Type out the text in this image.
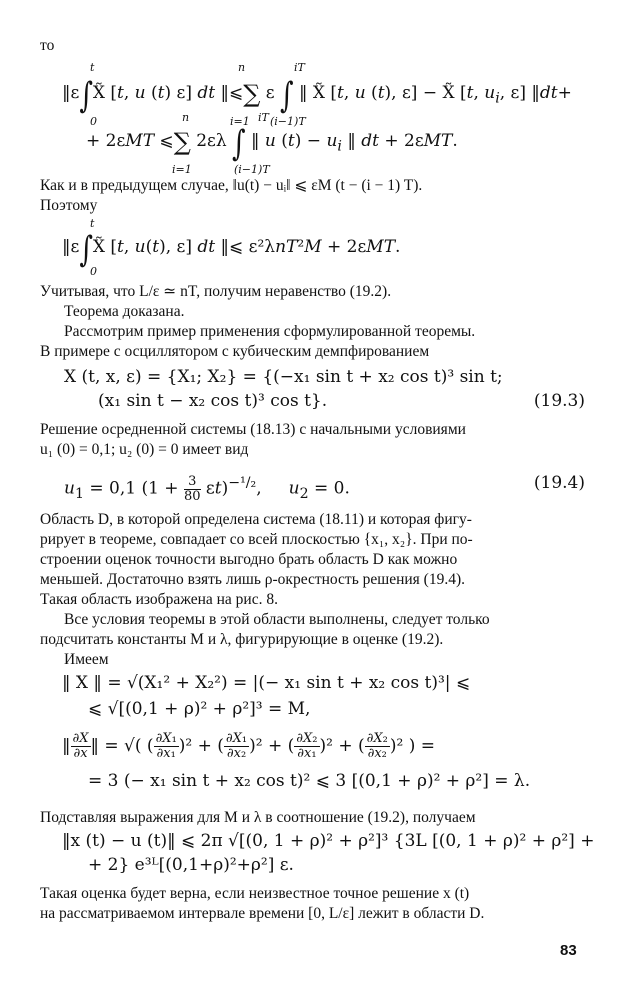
то
‖ε∫X̃ [t, u (t) ε] dt ‖⩽∑ ε ∫ ‖ X̃ [t, u (t), ε] − X̃ [t, $u_i$, ε] ‖dt+
t
0
n
i=1
iT
(i−1)T
+ 2εMT ⩽∑ 2ελ ∫ ‖ u $(t) - u_i$ ‖ dt + 2εMT.
n
i=1
iT
(i−1)T
Как и в предыдущем случае, ‖u(t) − uᵢ‖ ⩽ εM (t − (i − 1) T).
Поэтому
‖ε∫X̃ [t, u(t), ε] dt ‖⩽ ε²λnT²M + 2εMT.
t
0
Учитывая, что L/ε ≃ nT, получим неравенство (19.2).
Теорема доказана.
Рассмотрим пример применения сформулированной теоремы.
В примере с осциллятором с кубическим демпфированием
X (t, x, ε) = {X₁; X₂} = {(−x₁ sin t + x₂ cos t)³ sin t;
(x₁ sin t − x₂ cos t)³ cos t}.	(19.3)
Решение осредненной системы (18.13) с начальными условиями
u₁ (0) = 0,1; u₂ (0) = 0 имеет вид
$u_1 = 0,1$ $(1 + \frac{3}{80} \varepsilon t)^{-^1/_2}$,     $u_2 = 0$.	(19.4)
Область D, в которой определена система (18.11) и которая фигу-
рирует в теореме, совпадает со всей плоскостью {x₁, x₂}. При по-
строении оценок точности выгодно брать область D как можно
меньшей. Достаточно взять лишь ρ-окрестность решения (19.4).
Такая область изображена на рис. 8.
Все условия теоремы в этой области выполнены, следует только
подсчитать константы M и λ, фигурирующие в оценке (19.2).
Имеем
‖ X ‖ = √(X₁² + X₂²) = |(− x₁ sin t + x₂ cos t)³| ⩽
⩽ √[(0,1 + ρ)² + ρ²]³ = M,
‖ $\frac{\partial X}{\partial x}$ ‖ = √( ( $\frac{\text{∂X₁}}{\text{∂x₁}} )^2$ + ( $\frac{\text{∂X₁}}{\text{∂x₂}} )^2$ + ( $\frac{\text{∂X₂}}{\text{∂x₁}} )^2$ + ( $\frac{\text{∂X₂}}{\text{∂x₂}} )^2$ ) =
= 3 (− x₁ sin t + x₂ cos t)² ⩽ 3 [(0,1 + ρ)² + ρ²] = λ.
Подставляя выражения для M и λ в соотношение (19.2), получаем
‖x (t) − u (t)‖ ⩽ 2π √[(0, 1 + ρ)² + ρ²]³ {3L [(0, 1 + ρ)² + ρ²] +
+ 2} e³ᴸ[(0,1+ρ)²+ρ²] ε.
Такая оценка будет верна, если неизвестное точное решение x (t)
на рассматриваемом интервале времени [0, L/ε] лежит в области D.
83
